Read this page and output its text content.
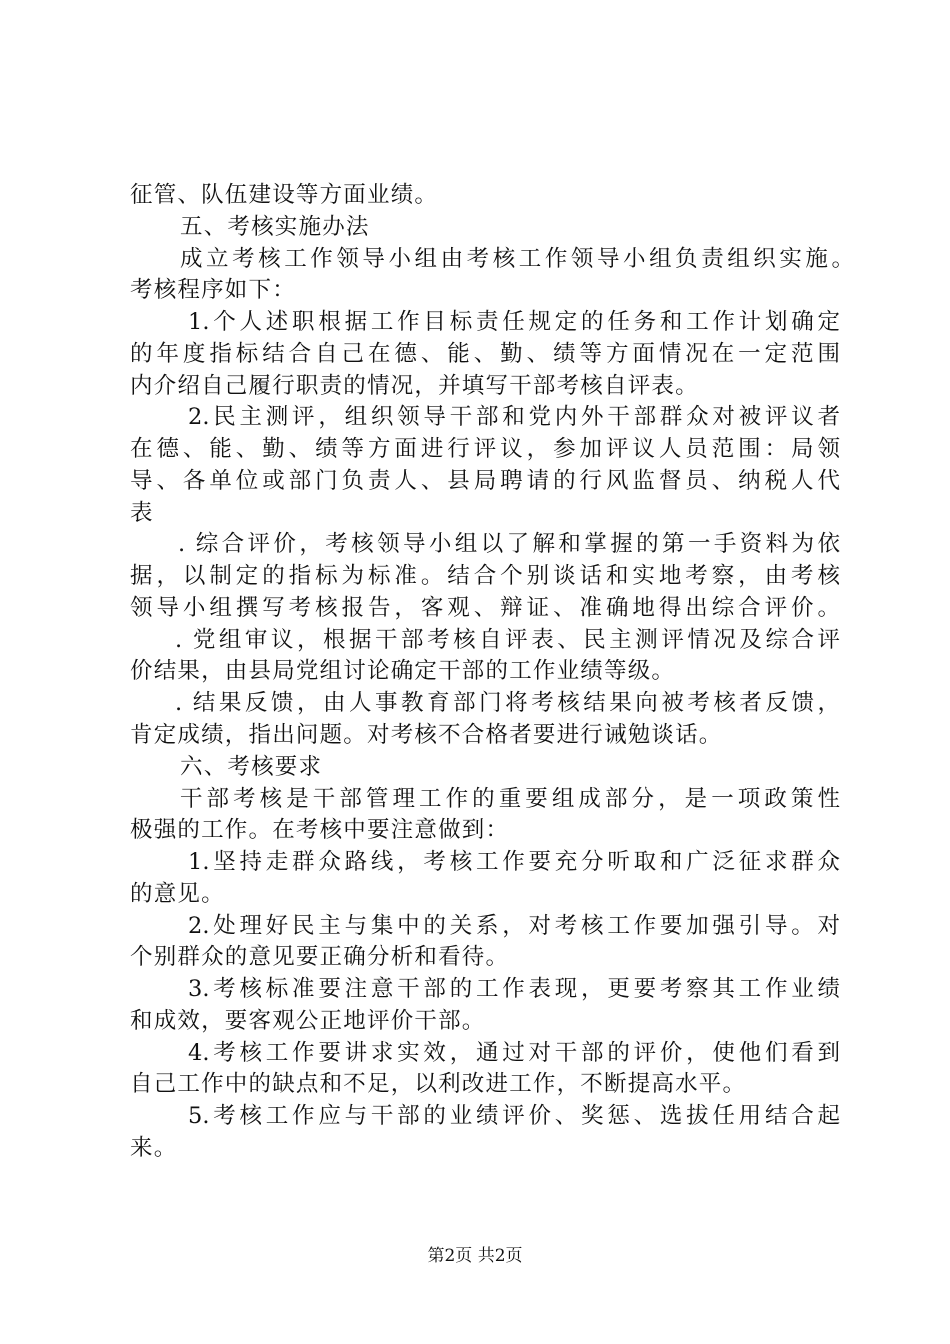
征管、队伍建设等方面业绩。
五、考核实施办法
成立考核工作领导小组由考核工作领导小组负责组织实施。
考核程序如下：
1.个人述职根据工作目标责任规定的任务和工作计划确定
的年度指标结合自己在德、能、勤、绩等方面情况在一定范围
内介绍自己履行职责的情况，并填写干部考核自评表。
2.民主测评，组织领导干部和党内外干部群众对被评议者
在德、能、勤、绩等方面进行评议，参加评议人员范围：局领
导、各单位或部门负责人、县局聘请的行风监督员、纳税人代
表
. 综合评价，考核领导小组以了解和掌握的第一手资料为依
据，以制定的指标为标准。结合个别谈话和实地考察，由考核
领导小组撰写考核报告，客观、辩证、准确地得出综合评价。
. 党组审议，根据干部考核自评表、民主测评情况及综合评
价结果，由县局党组讨论确定干部的工作业绩等级。
. 结果反馈，由人事教育部门将考核结果向被考核者反馈，
肯定成绩，指出问题。对考核不合格者要进行诫勉谈话。
六、考核要求
干部考核是干部管理工作的重要组成部分，是一项政策性
极强的工作。在考核中要注意做到：
1.坚持走群众路线，考核工作要充分听取和广泛征求群众
的意见。
2.处理好民主与集中的关系，对考核工作要加强引导。对
个别群众的意见要正确分析和看待。
3.考核标准要注意干部的工作表现，更要考察其工作业绩
和成效，要客观公正地评价干部。
4.考核工作要讲求实效，通过对干部的评价，使他们看到
自己工作中的缺点和不足，以利改进工作，不断提高水平。
5.考核工作应与干部的业绩评价、奖惩、选拔任用结合起
来。
第2页 共2页
